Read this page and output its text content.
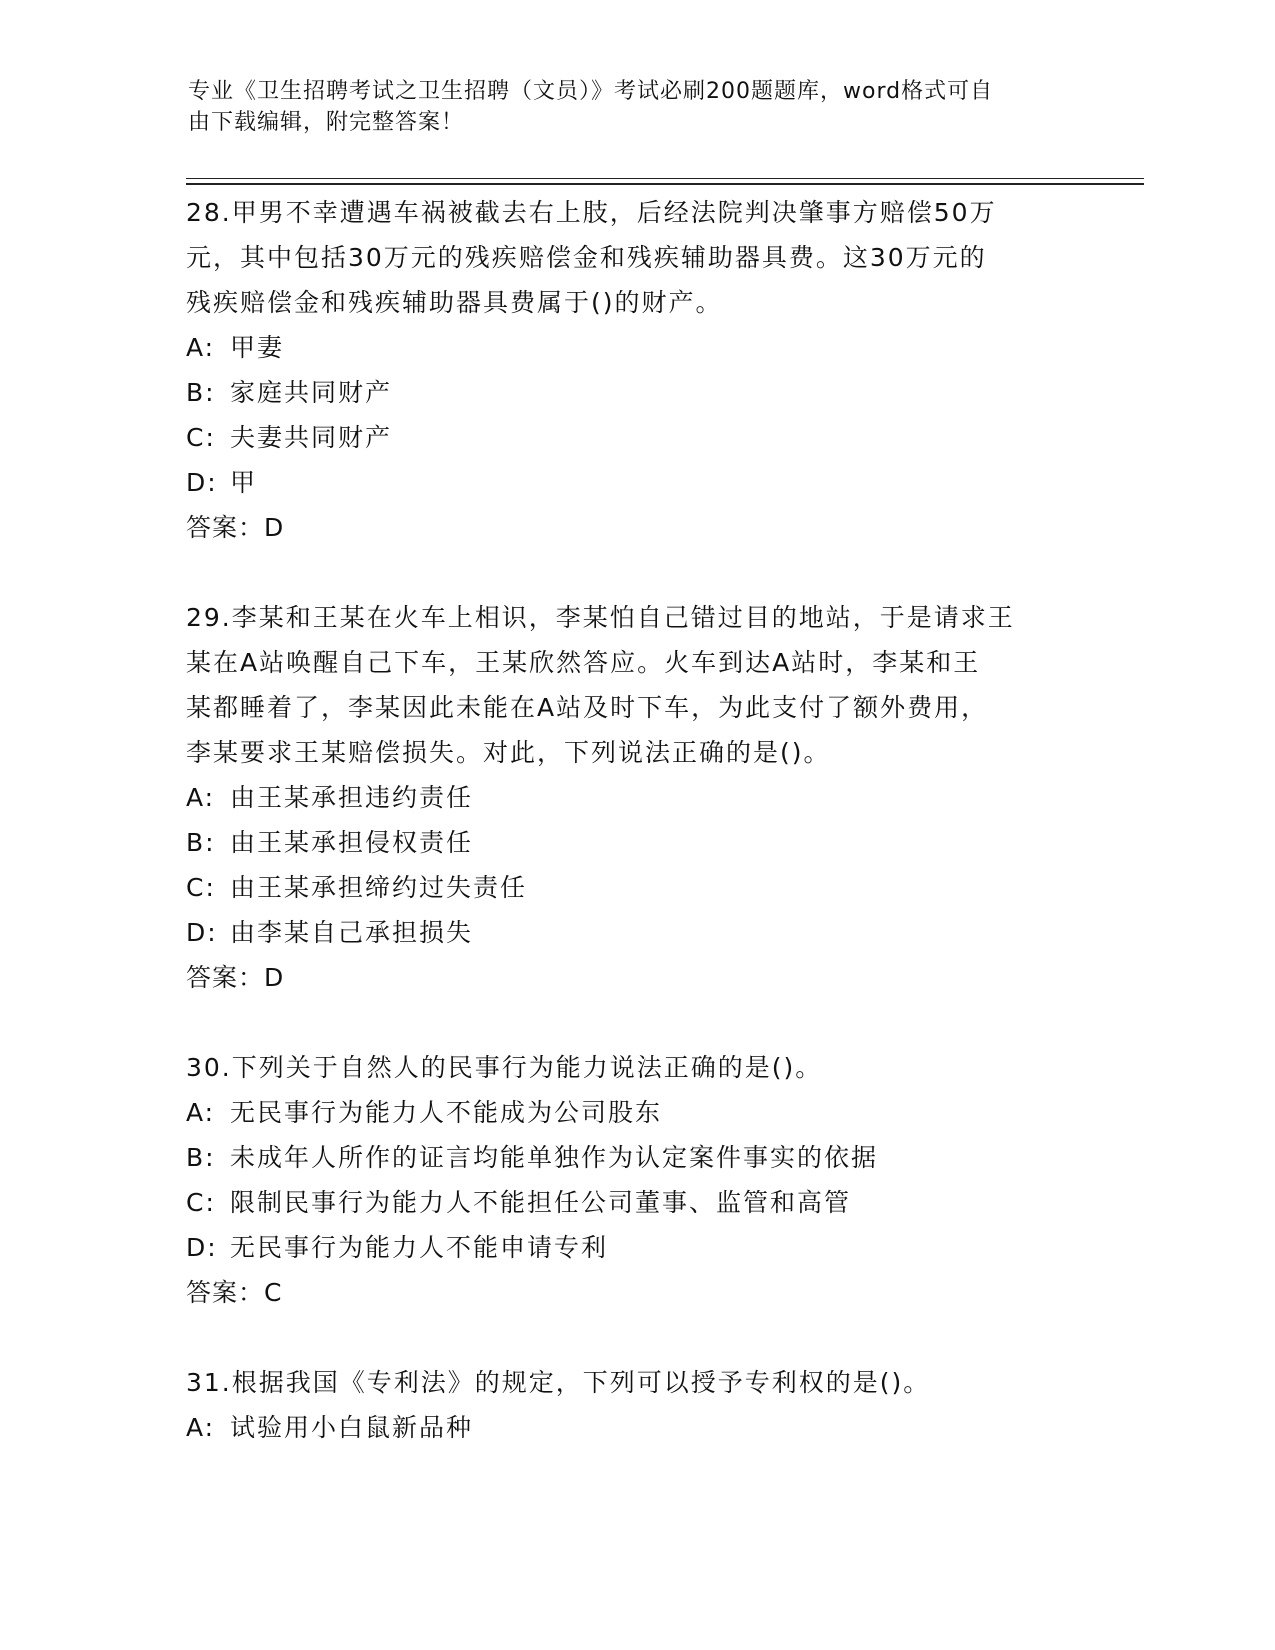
专业《卫生招聘考试之卫生招聘（文员）》考试必刷200题题库，word格式可自
由下载编辑，附完整答案！

28.甲男不幸遭遇车祸被截去右上肢，后经法院判决肇事方赔偿50万

元，其中包括30万元的残疾赔偿金和残疾辅助器具费。这30万元的

残疾赔偿金和残疾辅助器具费属于()的财产。

A: 甲妻

B: 家庭共同财产

C: 夫妻共同财产

D: 甲

答案：D

29.李某和王某在火车上相识，李某怕自己错过目的地站，于是请求王

某在A站唤醒自己下车，王某欣然答应。火车到达A站时，李某和王

某都睡着了，李某因此未能在A站及时下车，为此支付了额外费用，

李某要求王某赔偿损失。对此，下列说法正确的是()。

A: 由王某承担违约责任

B: 由王某承担侵权责任

C: 由王某承担缔约过失责任

D: 由李某自己承担损失

答案：D

30.下列关于自然人的民事行为能力说法正确的是()。

A: 无民事行为能力人不能成为公司股东

B: 未成年人所作的证言均能单独作为认定案件事实的依据

C: 限制民事行为能力人不能担任公司董事、监管和高管

D: 无民事行为能力人不能申请专利

答案：C

31.根据我国《专利法》的规定，下列可以授予专利权的是()。

A: 试验用小白鼠新品种
